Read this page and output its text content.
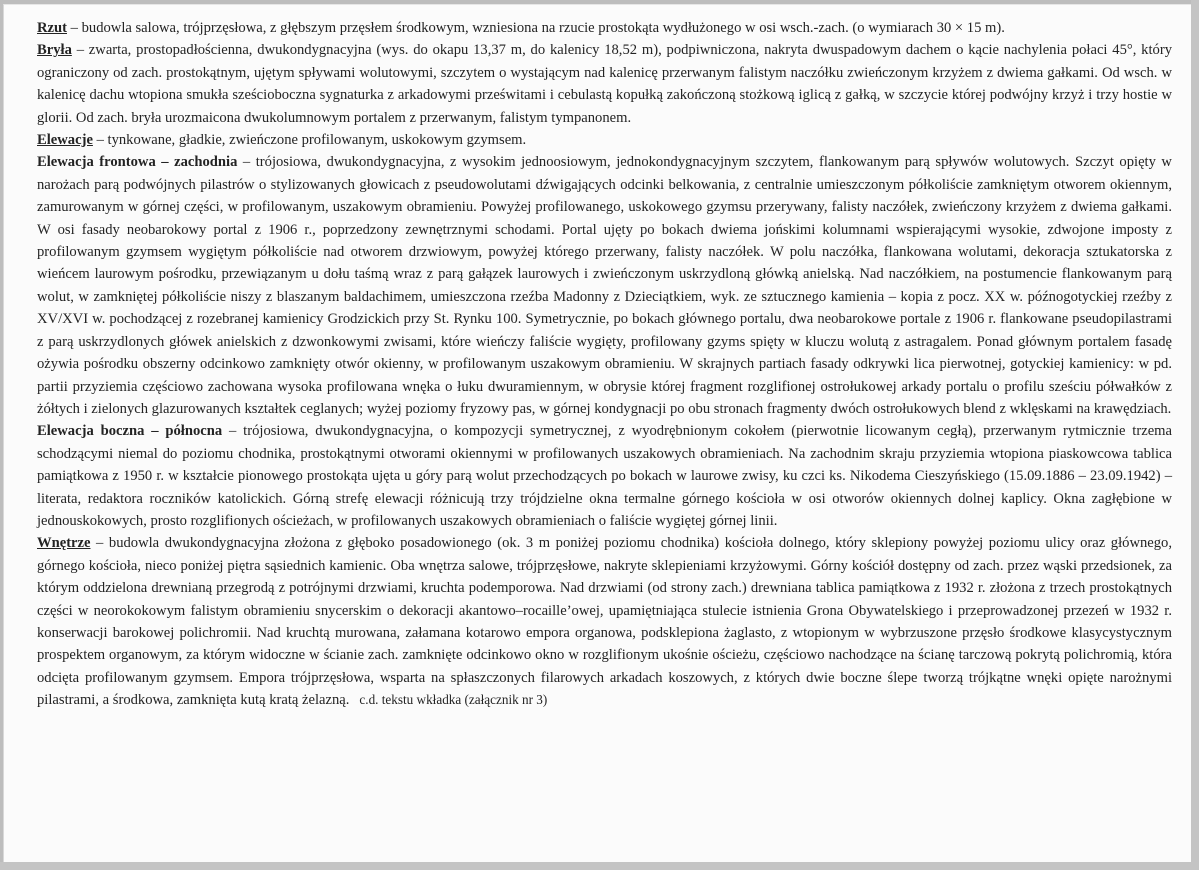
Rzut – budowla salowa, trójprzęsłowa, z głębszym przęsłem środkowym, wzniesiona na rzucie prostokąta wydłużonego w osi wsch.-zach. (o wymiarach 30 × 15 m).

Bryła – zwarta, prostopadłościenna, dwukondygnacyjna (wys. do okapu 13,37 m, do kalenicy 18,52 m), podpiwniczona, nakryta dwuspadowym dachem o kącie nachylenia połaci 45°, który ograniczony od zach. prostokątnym, ujętym spływami wolutowymi, szczytem o wystającym nad kalenicę przerwanym falistym naczółku zwieńczonym krzyżem z dwiema gałkami. Od wsch. w kalenicę dachu wtopiona smukła sześcioboczna sygnaturka z arkadowymi prześwitami i cebulastą kopułką zakończoną stożkową iglicą z gałką, w szczycie której podwójny krzyż i trzy hostie w glorii. Od zach. bryła urozmaicona dwukolumnowym portalem z przerwanym, falistym tympanonem.

Elewacje – tynkowane, gładkie, zwieńczone profilowanym, uskokowym gzymsem.

Elewacja frontowa – zachodnia – trójosiowa, dwukondygnacyjna, z wysokim jednoosiowym, jednokondygnacyjnym szczytem, flankowanym parą spływów wolutowych. Szczyt opięty w narożach parą podwójnych pilastrów o stylizowanych głowicach z pseudowolutami dźwigających odcinki belkowania, z centralnie umieszczonym półkoliście zamkniętym otworem okiennym, zamurowanym w górnej części, w profilowanym, uszakowym obramieniu. Powyżej profilowanego, uskokowego gzymsu przerywany, falisty naczółek, zwieńczony krzyżem z dwiema gałkami. W osi fasady neobarokowy portal z 1906 r., poprzedzony zewnętrznymi schodami. Portal ujęty po bokach dwiema jońskimi kolumnami wspierającymi wysokie, zdwojone imposty z profilowanym gzymsem wygiętym półkoliście nad otworem drzwiowym, powyżej którego przerwany, falisty naczółek. W polu naczółka, flankowana wolutami, dekoracja sztukatorska z wieńcem laurowym pośrodku, przewiązanym u dołu taśmą wraz z parą gałązek laurowych i zwieńczonym uskrzydloną główką anielską. Nad naczółkiem, na postumencie flankowanym parą wolut, w zamkniętej półkoliście niszy z blaszanym baldachimem, umieszczona rzeźba Madonny z Dzieciątkiem, wyk. ze sztucznego kamienia – kopia z pocz. XX w. późnogotyckiej rzeźby z XV/XVI w. pochodzącej z rozebranej kamienicy Grodzickich przy St. Rynku 100. Symetrycznie, po bokach głównego portalu, dwa neobarokowe portale z 1906 r. flankowane pseudopilastrami z parą uskrzydlonych główek anielskich z dzwonkowymi zwisami, które wieńczy faliście wygięty, profilowany gzyms spięty w kluczu wolutą z astragalem. Ponad głównym portalem fasadę ożywia pośrodku obszerny odcinkowo zamknięty otwór okienny, w profilowanym uszakowym obramieniu. W skrajnych partiach fasady odkrywki lica pierwotnej, gotyckiej kamienicy: w pd. partii przyziemia częściowo zachowana wysoka profilowana wnęka o łuku dwuramiennym, w obrysie której fragment rozglifionej ostrołukowej arkady portalu o profilu sześciu półwałków z żółtych i zielonych glazurowanych kształtek ceglanych; wyżej poziomy fryzowy pas, w górnej kondygnacji po obu stronach fragmenty dwóch ostrołukowych blend z wklęskami na krawędziach.

Elewacja boczna – północna – trójosiowa, dwukondygnacyjna, o kompozycji symetrycznej, z wyodrębnionym cokołem (pierwotnie licowanym cegłą), przerwanym rytmicznie trzema schodzącymi niemal do poziomu chodnika, prostokątnymi otworami okiennymi w profilowanych uszakowych obramieniach. Na zachodnim skraju przyziemia wtopiona piaskowcowa tablica pamiątkowa z 1950 r. w kształcie pionowego prostokąta ujęta u góry parą wolut przechodzących po bokach w laurowe zwisy, ku czci ks. Nikodema Cieszyńskiego (15.09.1886 – 23.09.1942) – literata, redaktora roczników katolickich. Górną strefę elewacji różnicują trzy trójdzielne okna termalne górnego kościoła w osi otworów okiennych dolnej kaplicy. Okna zagłębione w jednouskokowych, prosto rozglifionych ościeżach, w profilowanych uszakowych obramieniach o faliście wygiętej górnej linii.

Wnętrze – budowla dwukondygnacyjna złożona z głęboko posadowionego (ok. 3 m poniżej poziomu chodnika) kościoła dolnego, który sklepiony powyżej poziomu ulicy oraz głównego, górnego kościoła, nieco poniżej piętra sąsiednich kamienic. Oba wnętrza salowe, trójprzęsłowe, nakryte sklepieniami krzyżowymi. Górny kościół dostępny od zach. przez wąski przedsionek, za którym oddzielona drewnianą przegrodą z potrójnymi drzwiami, kruchta podemporowa. Nad drzwiami (od strony zach.) drewniana tablica pamiątkowa z 1932 r. złożona z trzech prostokątnych części w neorokokowym falistym obramieniu snycerskim o dekoracji akantowo–rocaille’owej, upamiętniająca stulecie istnienia Grona Obywatelskiego i przeprowadzonej przezeń w 1932 r. konserwacji barokowej polichromii. Nad kruchtą murowana, załamana kotarowo empora organowa, podsklepiona żaglasto, z wtopionym w wybrzuszone przęsło środkowe klasycystycznym prospektem organowym, za którym widoczne w ścianie zach. zamknięte odcinkowo okno w rozglifionym ukośnie ościeżu, częściowo nachodzące na ścianę tarczową pokrytą polichromią, która odcięta profilowanym gzymsem. Empora trójprzęsłowa, wsparta na spłaszczonych filarowych arkadach koszowych, z których dwie boczne ślepe tworzą trójkątne wnęki opięte narożnymi pilastrami, a środkowa, zamknięta kutą kratą żelazną. c.d. tekstu wkładka (załącznik nr 3)
